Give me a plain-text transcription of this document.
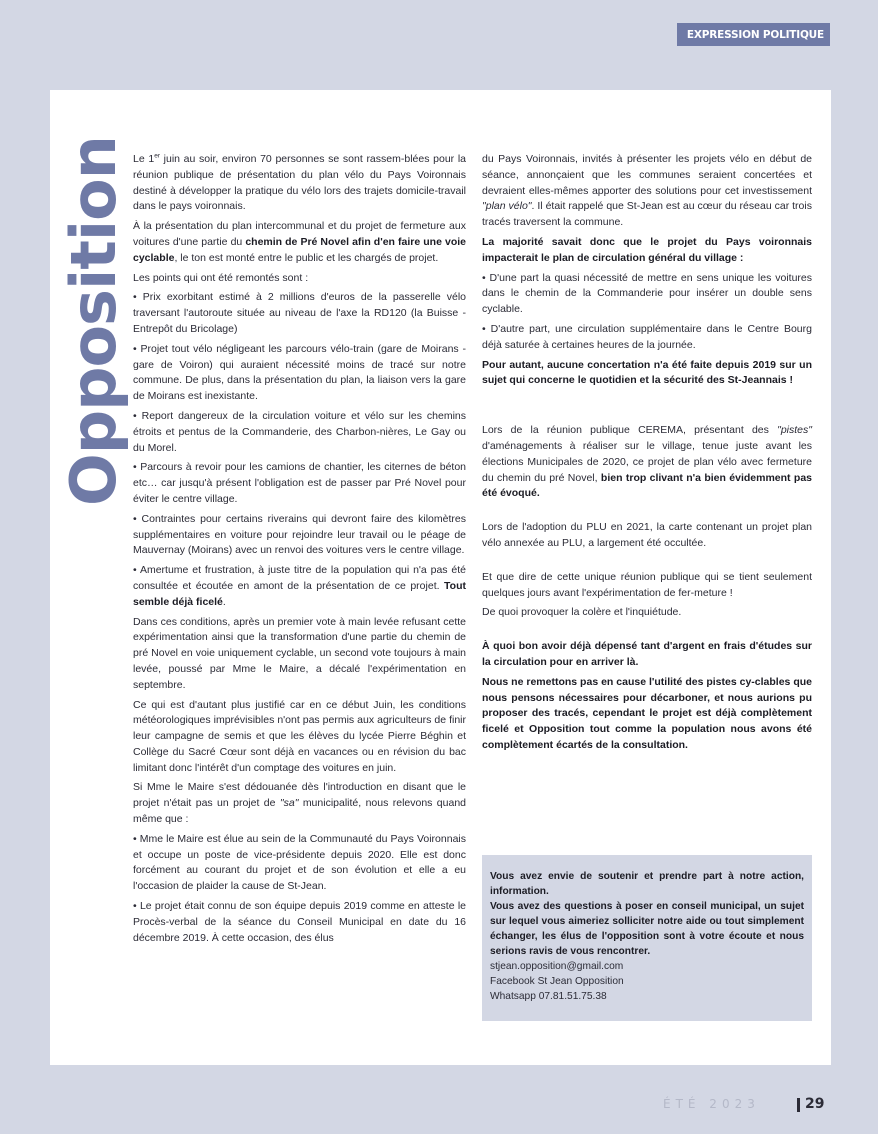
EXPRESSION POLITIQUE
Opposition Le 1er juin au soir, environ 70 personnes se sont rassem-blées pour la réunion publique de présentation du plan vélo du Pays Voironnais destiné à développer la pratique du vélo lors des trajets domicile-travail dans le pays voironnais.

À la présentation du plan intercommunal et du projet de fermeture aux voitures d'une partie du chemin de Pré Novel afin d'en faire une voie cyclable, le ton est monté entre le public et les chargés de projet.

Les points qui ont été remontés sont :

• Prix exorbitant estimé à 2 millions d'euros de la passerelle vélo traversant l'autoroute située au niveau de l'axe la RD120 (la Buisse - Entrepôt du Bricolage)

• Projet tout vélo négligeant les parcours vélo-train (gare de Moirans - gare de Voiron) qui auraient nécessité moins de tracé sur notre commune. De plus, dans la présentation du plan, la liaison vers la gare de Moirans est inexistante.

• Report dangereux de la circulation voiture et vélo sur les chemins étroits et pentus de la Commanderie, des Charbon-nières, Le Gay ou du Morel.

• Parcours à revoir pour les camions de chantier, les citernes de béton etc… car jusqu'à présent l'obligation est de passer par Pré Novel pour éviter le centre village.

• Contraintes pour certains riverains qui devront faire des kilomètres supplémentaires en voiture pour rejoindre leur travail ou le péage de Mauvernay (Moirans) avec un renvoi des voitures vers le centre village.

• Amertume et frustration, à juste titre de la population qui n'a pas été consultée et écoutée en amont de la présentation de ce projet. Tout semble déjà ficelé.

Dans ces conditions, après un premier vote à main levée refusant cette expérimentation ainsi que la transformation d'une partie du chemin de pré Novel en voie uniquement cyclable, un second vote toujours à main levée, poussé par Mme le Maire, a décalé l'expérimentation en septembre.

Ce qui est d'autant plus justifié car en ce début Juin, les conditions météorologiques imprévisibles n'ont pas permis aux agriculteurs de finir leur campagne de semis et que les élèves du lycée Pierre Béghin et Collège du Sacré Cœur sont déjà en vacances ou en révision du bac limitant donc l'intérêt d'un comptage des voitures en juin.

Si Mme le Maire s'est dédouanée dès l'introduction en disant que le projet n'était pas un projet de "sa" municipalité, nous relevons quand même que :

• Mme le Maire est élue au sein de la Communauté du Pays Voironnais et occupe un poste de vice-présidente depuis 2020. Elle est donc forcément au courant du projet et de son évolution et elle a eu l'occasion de plaider la cause de St-Jean.

• Le projet était connu de son équipe depuis 2019 comme en atteste le Procès-verbal de la séance du Conseil Municipal en date du 16 décembre 2019. À cette occasion, des élus

du Pays Voironnais, invités à présenter les projets vélo en début de séance, annonçaient que les communes seraient concertées et devraient elles-mêmes apporter des solutions pour cet investissement "plan vélo". Il était rappelé que St-Jean est au cœur du réseau car trois tracés traversent la commune.

La majorité savait donc que le projet du Pays voironnais impacterait le plan de circulation général du village :

• D'une part la quasi nécessité de mettre en sens unique les voitures dans le chemin de la Commanderie pour insérer un double sens cyclable.

• D'autre part, une circulation supplémentaire dans le Centre Bourg déjà saturée à certaines heures de la journée.

Pour autant, aucune concertation n'a été faite depuis 2019 sur un sujet qui concerne le quotidien et la sécurité des St-Jeannais !

Lors de la réunion publique CEREMA, présentant des "pistes" d'aménagements à réaliser sur le village, tenue juste avant les élections Municipales de 2020, ce projet de plan vélo avec fermeture du chemin du pré Novel, bien trop clivant n'a bien évidemment pas été évoqué.

Lors de l'adoption du PLU en 2021, la carte contenant un projet plan vélo annexée au PLU, a largement été occultée.

Et que dire de cette unique réunion publique qui se tient seulement quelques jours avant l'expérimentation de fer-meture !

De quoi provoquer la colère et l'inquiétude.

À quoi bon avoir déjà dépensé tant d'argent en frais d'études sur la circulation pour en arriver là.

Nous ne remettons pas en cause l'utilité des pistes cy-clables que nous pensons nécessaires pour décarboner, et nous aurions pu proposer des tracés, cependant le projet est déjà complètement ficelé et Opposition tout comme la population nous avons été complètement écartés de la consultation.

Vous avez envie de soutenir et prendre part à notre action, information.

Vous avez des questions à poser en conseil municipal, un sujet sur lequel vous aimeriez solliciter notre aide ou tout simplement échanger, les élus de l'opposition sont à votre écoute et nous serions ravis de vous rencontrer.

stjean.opposition@gmail.com

Facebook St Jean Opposition

Whatsapp 07.81.51.75.38

ÉTÉ 2023	29
